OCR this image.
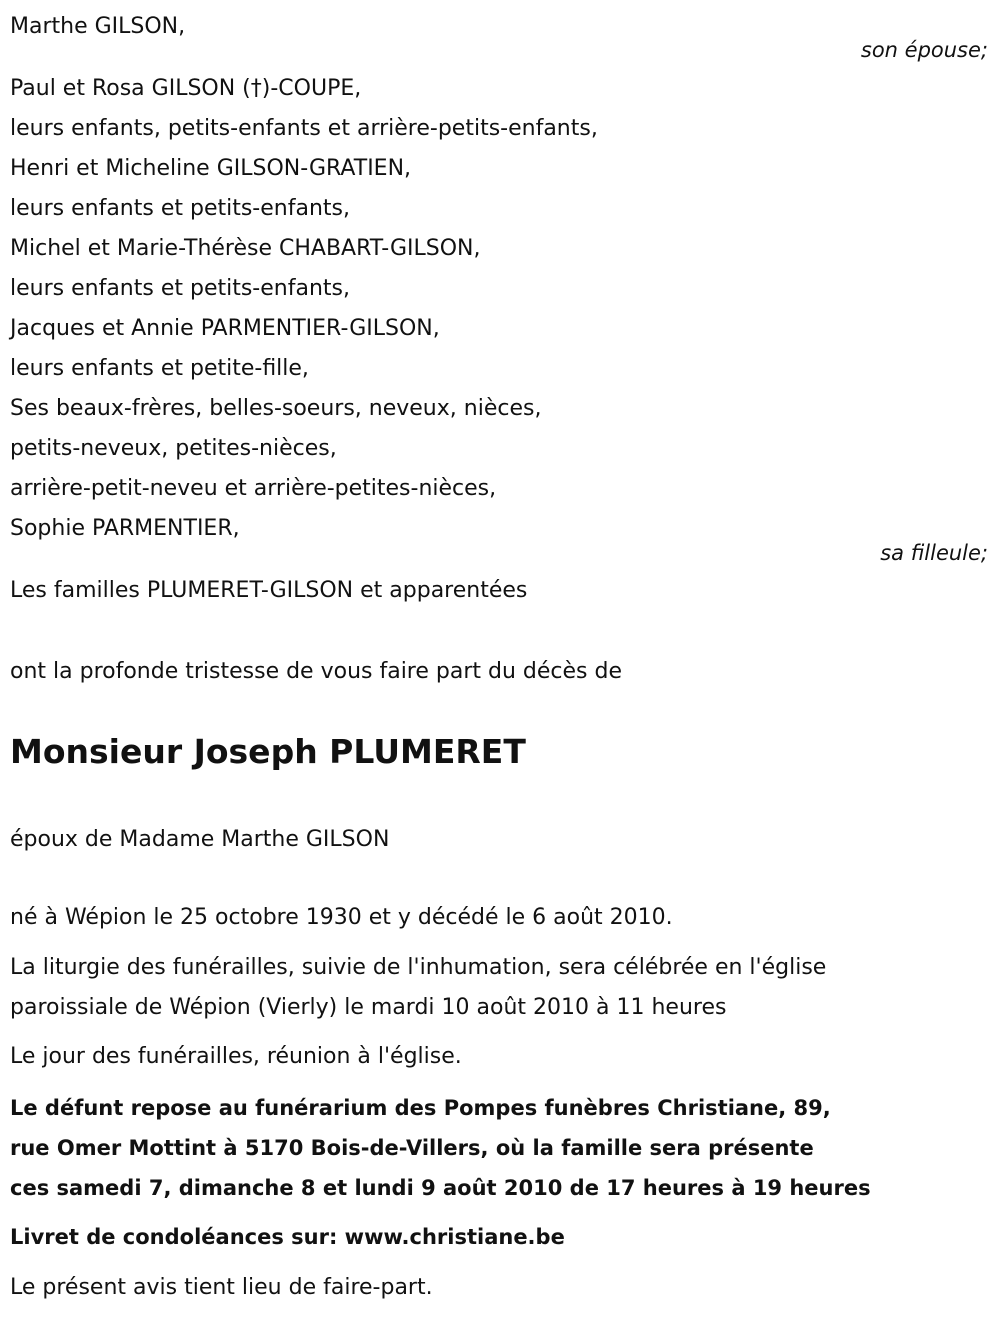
Marthe GILSON,
son épouse;
Paul et Rosa GILSON (†)-COUPE,
leurs enfants, petits-enfants et arrière-petits-enfants,
Henri et Micheline GILSON-GRATIEN,
leurs enfants et petits-enfants,
Michel et Marie-Thérèse CHABART-GILSON,
leurs enfants et petits-enfants,
Jacques et Annie PARMENTIER-GILSON,
leurs enfants et petite-fille,
Ses beaux-frères, belles-soeurs, neveux, nièces,
petits-neveux, petites-nièces,
arrière-petit-neveu et arrière-petites-nièces,
Sophie PARMENTIER,
sa filleule;
Les familles PLUMERET-GILSON et apparentées
ont la profonde tristesse de vous faire part du décès de
Monsieur Joseph PLUMERET
époux de Madame Marthe GILSON
né à Wépion le 25 octobre 1930 et y décédé le 6 août 2010.
La liturgie des funérailles, suivie de l'inhumation, sera célébrée en l'église
paroissiale de Wépion (Vierly) le mardi 10 août 2010 à 11 heures
Le jour des funérailles, réunion à l'église.
Le défunt repose au funérarium des Pompes funèbres Christiane, 89,
rue Omer Mottint à 5170 Bois-de-Villers, où la famille sera présente
ces samedi 7, dimanche 8 et lundi 9 août 2010 de 17 heures à 19 heures
Livret de condoléances sur: www.christiane.be
Le présent avis tient lieu de faire-part.
